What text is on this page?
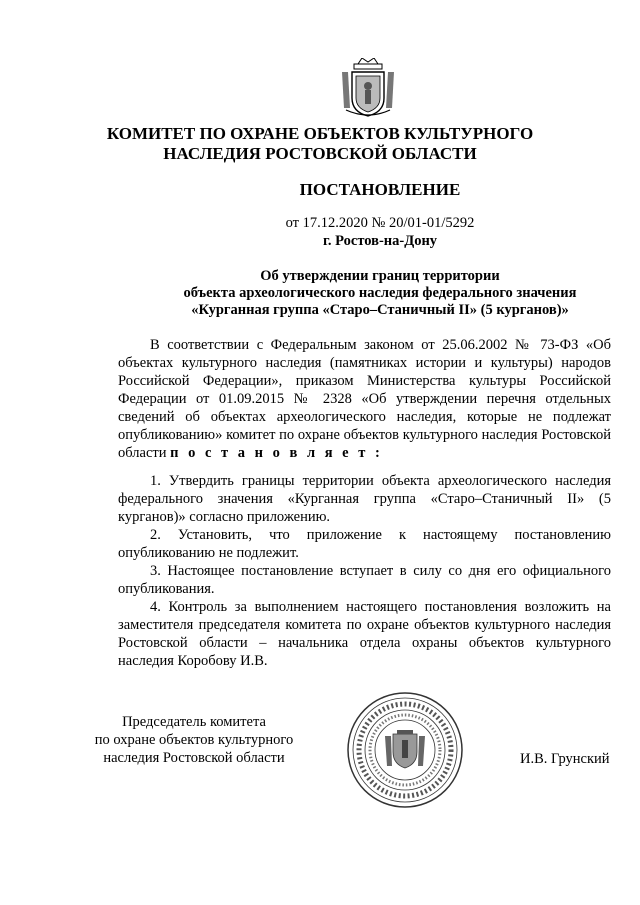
КОМИТЕТ ПО ОХРАНЕ ОБЪЕКТОВ КУЛЬТУРНОГО
НАСЛЕДИЯ РОСТОВСКОЙ ОБЛАСТИ
ПОСТАНОВЛЕНИЕ
от 17.12.2020 № 20/01-01/5292
г. Ростов-на-Дону
Об утверждении границ территории
объекта археологического наследия федерального значения
«Курганная группа «Старо–Станичный II» (5 курганов)»
В соответствии с Федеральным законом от 25.06.2002 № 73-ФЗ «Об объектах культурного наследия (памятниках истории и культуры) народов Российской Федерации», приказом Министерства культуры Российской Федерации от 01.09.2015 № 2328 «Об утверждении перечня отдельных сведений об объектах археологического наследия, которые не подлежат опубликованию» комитет по охране объектов культурного наследия Ростовской области п о с т а н о в л я е т :
1. Утвердить границы территории объекта археологического наследия федерального значения «Курганная группа «Старо–Станичный II» (5 курганов)» согласно приложению.
2. Установить, что приложение к настоящему постановлению опубликованию не подлежит.
3. Настоящее постановление вступает в силу со дня его официального опубликования.
4. Контроль за выполнением настоящего постановления возложить на заместителя председателя комитета по охране объектов культурного наследия Ростовской области – начальника отдела охраны объектов культурного наследия Коробову И.В.
Председатель комитета
по охране объектов культурного
наследия Ростовской области	И.В. Грунский
